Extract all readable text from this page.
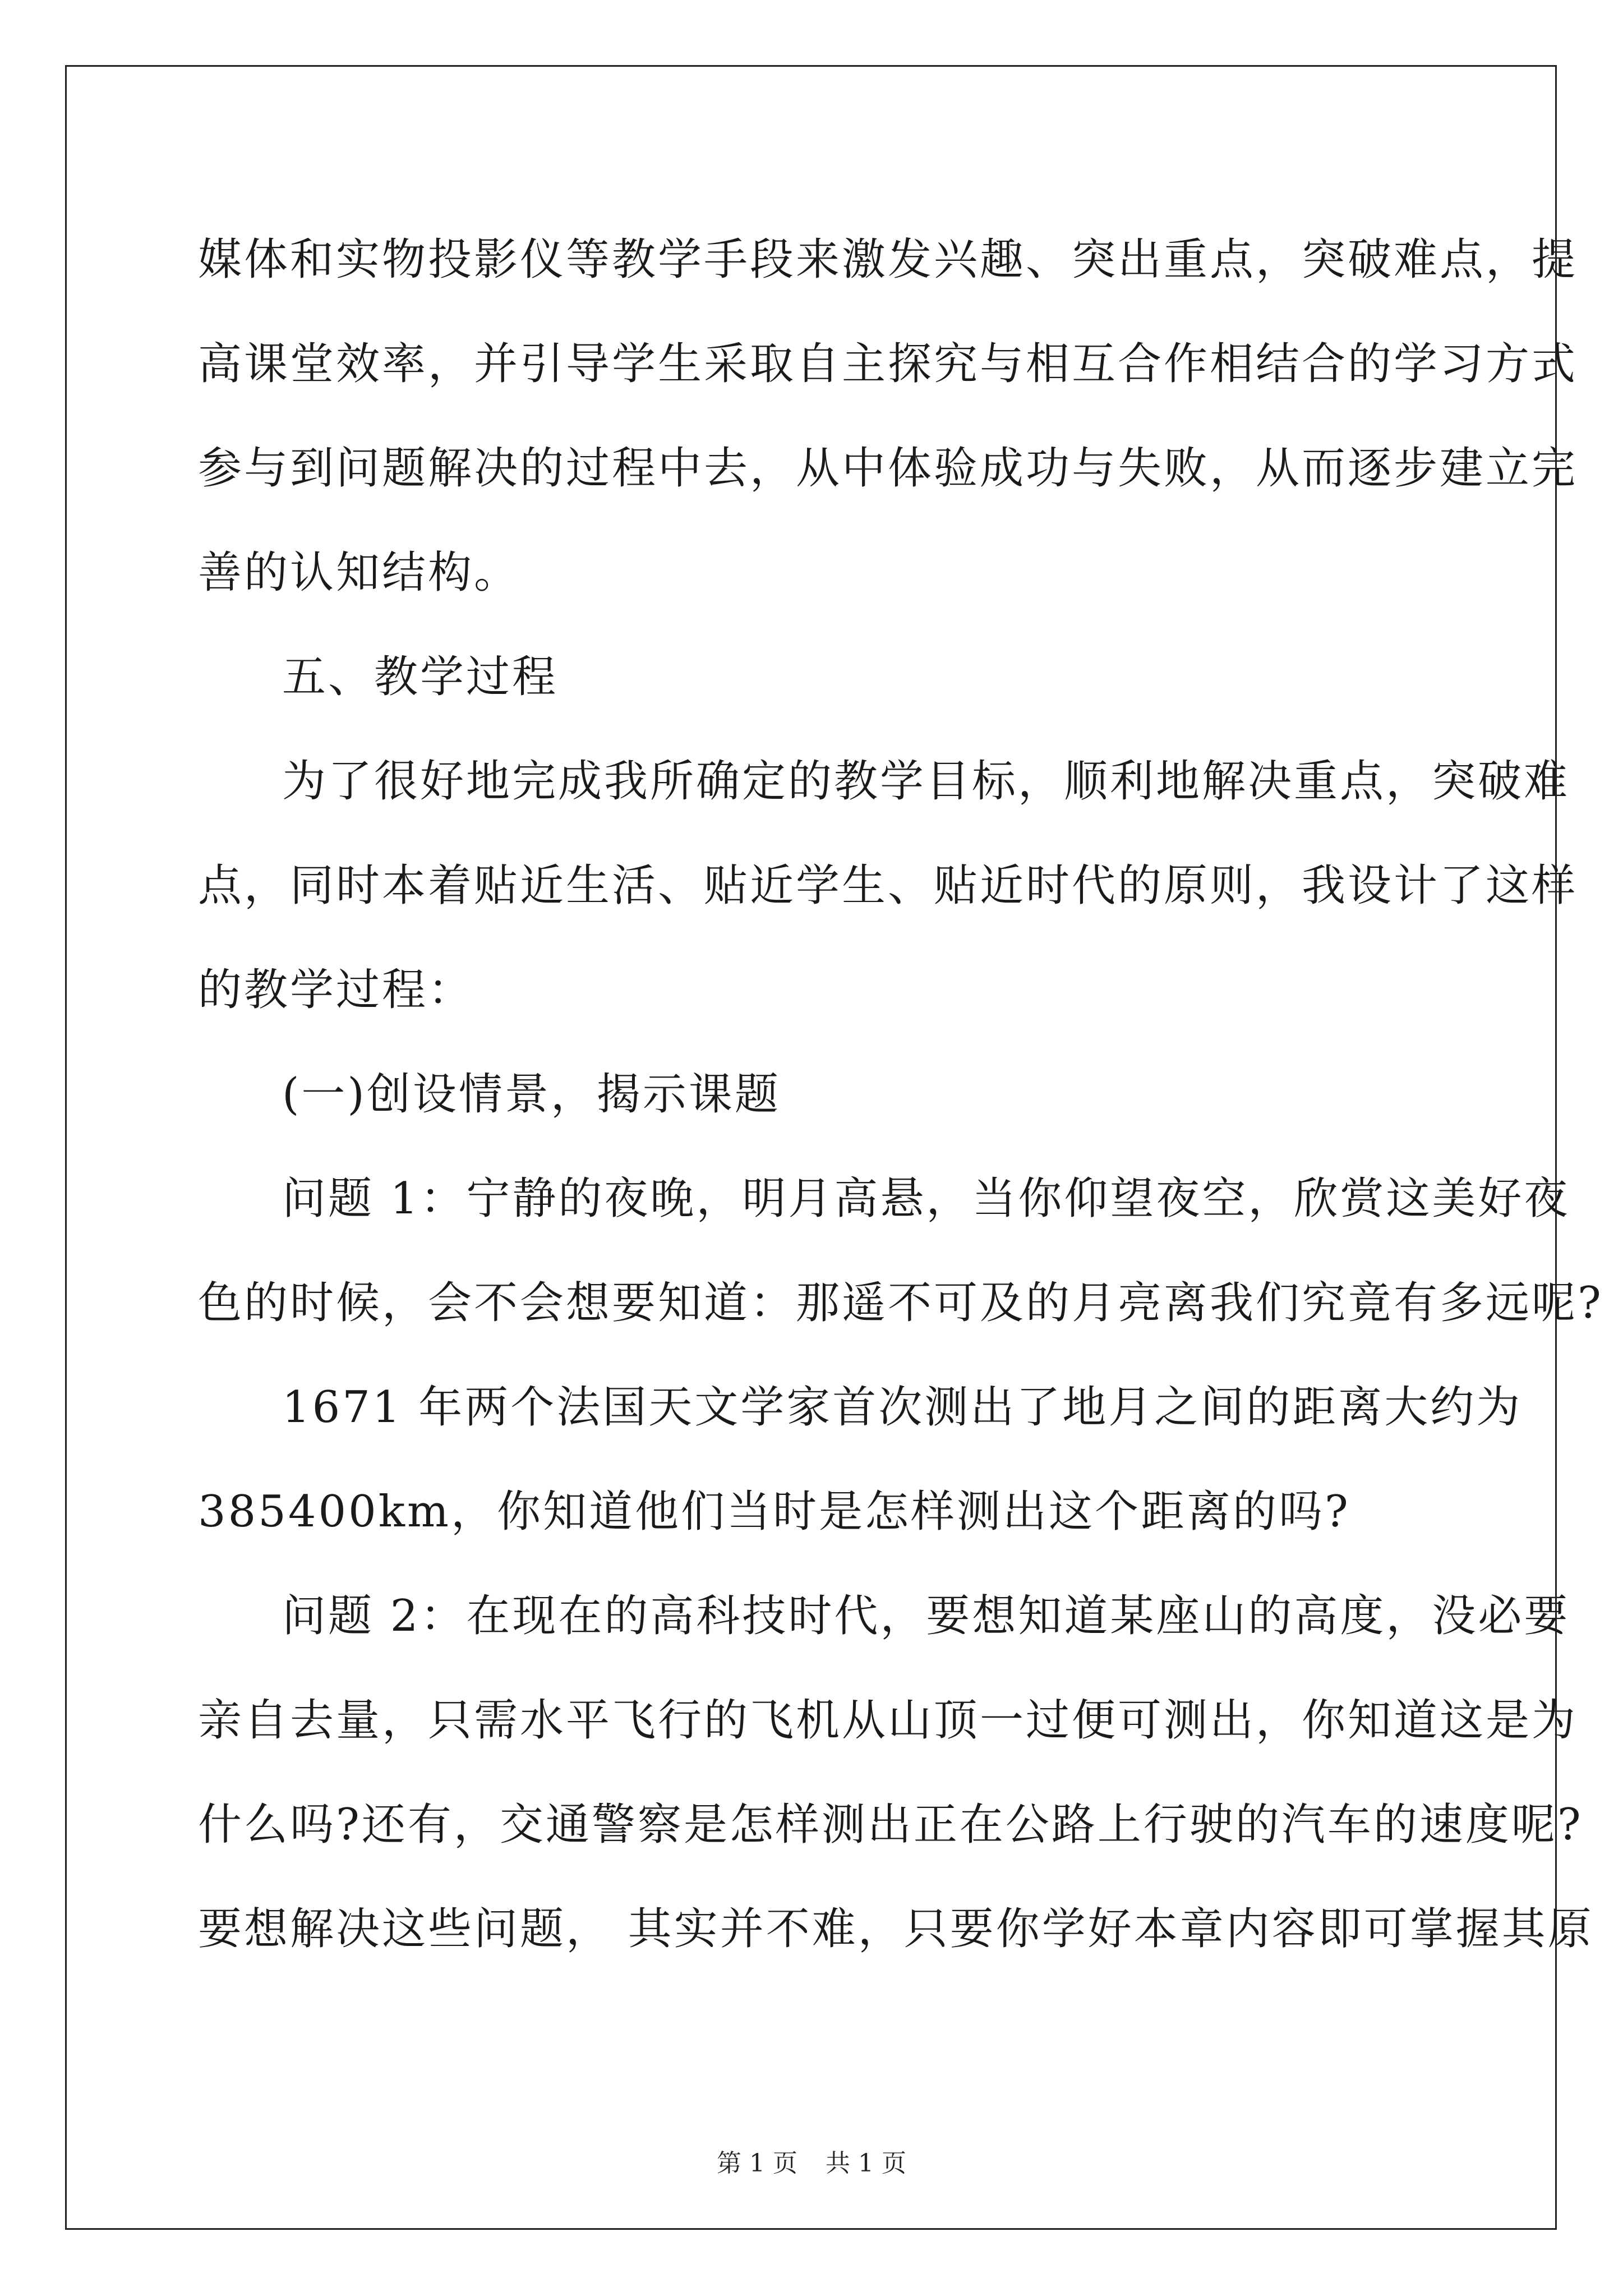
媒体和实物投影仪等教学手段来激发兴趣、突出重点，突破难点，提
高课堂效率，并引导学生采取自主探究与相互合作相结合的学习方式
参与到问题解决的过程中去，从中体验成功与失败，从而逐步建立完
善的认知结构。
五、教学过程
为了很好地完成我所确定的教学目标，顺利地解决重点，突破难
点，同时本着贴近生活、贴近学生、贴近时代的原则，我设计了这样
的教学过程：
(一)创设情景，揭示课题
问题 1：宁静的夜晚，明月高悬，当你仰望夜空，欣赏这美好夜
色的时候，会不会想要知道：那遥不可及的月亮离我们究竟有多远呢?
1671 年两个法国天文学家首次测出了地月之间的距离大约为
385400km，你知道他们当时是怎样测出这个距离的吗?
问题 2：在现在的高科技时代，要想知道某座山的高度，没必要
亲自去量，只需水平飞行的飞机从山顶一过便可测出，你知道这是为
什么吗?还有，交通警察是怎样测出正在公路上行驶的汽车的速度呢?
要想解决这些问题， 其实并不难，只要你学好本章内容即可掌握其原
第 1 页 共 1 页
